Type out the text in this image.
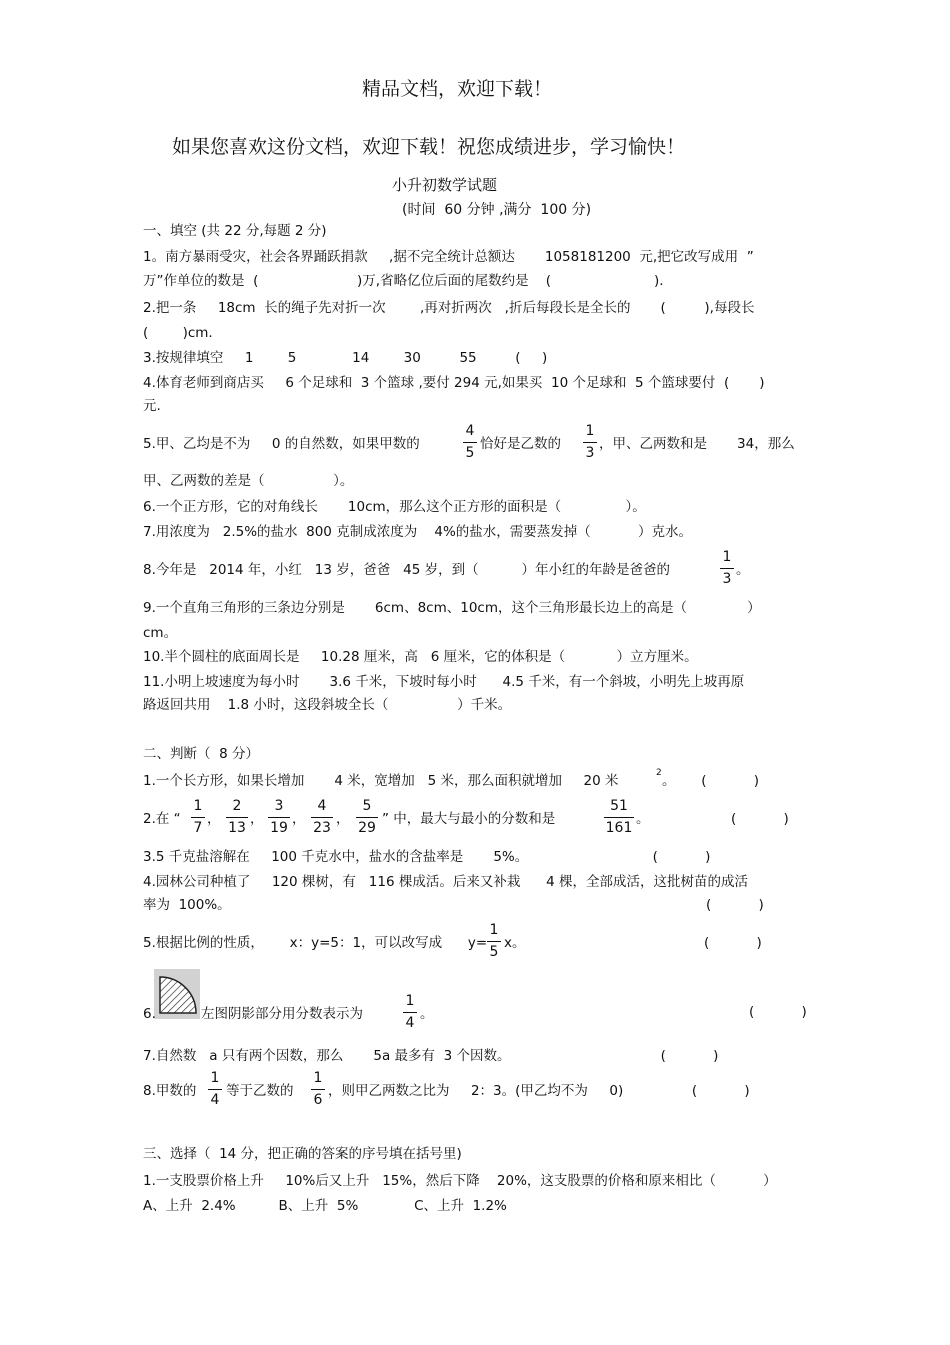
精品文档，欢迎下载！
如果您喜欢这份文档，欢迎下载！祝您成绩进步，学习愉快！
小升初数学试题
(时间  60 分钟 ,满分  100 分)
一、填空 (共 22 分,每题 2 分)
1。南方暴雨受灾，社会各界踊跃捐款     ,据不完全统计总额达       1058181200  元,把它改写成用  ”
万”作单位的数是  (                       )万,省略亿位后面的尾数约是    (                        ).
2.把一条     18cm  长的绳子先对折一次        ,再对折两次   ,折后每段长是全长的       (         ),每段长
(        )cm.
3.按规律填空     1        5             14        30         55         (     )
4.体育老师到商店买     6 个足球和  3 个篮球 ,要付 294 元,如果买  10 个足球和  5 个篮球要付  (       )
元.
5.甲、乙均是不为     0 的自然数，如果甲数的
4
5
恰好是乙数的
1
3
，甲、乙两数和是       34，那么
甲、乙两数的差是（                ）。
6.一个正方形，它的对角线长       10cm，那么这个正方形的面积是（               ）。
7.用浓度为   2.5%的盐水  800 克制成浓度为    4%的盐水，需要蒸发掉（           ）克水。
8.今年是   2014 年，小红   13 岁，爸爸   45 岁，到（          ）年小红的年龄是爸爸的
1
3
。
9.一个直角三角形的三条边分别是       6cm、8cm、10cm，这个三角形最长边上的高是（              ）
cm。
10.半个圆柱的底面周长是     10.28 厘米，高   6 厘米，它的体积是（            ）立方厘米。
11.小明上坡速度为每小时       3.6 千米，下坡时每小时      4.5 千米，有一个斜坡，小明先上坡再原
路返回共用    1.8 小时，这段斜坡全长（                ）千米。
二、判断（  8 分）
1.一个长方形，如果长增加       4 米，宽增加   5 米，那么面积就增加     20 米	2 。      (           )
2.在 “
1
7
，
2
13
，
3
19
，
4
23
，
5
29
” 中，最大与最小的分数和是
51
161
。                   (           )
3.5 千克盐溶解在     100 千克水中，盐水的含盐率是       5%。                             (           )
4.园林公司种植了     120 棵树，有   116 棵成活。后来又补栽      4 棵，全部成活，这批树苗的成活
率为  100%。	(           )
5.根据比例的性质，      x：y=5：1，可以改写成      y=
1
5
x。	(           )
6.	左图阴影部分用分数表示为
1
4
。	(           )
7.自然数   a 只有两个因数，那么       5a 最多有  3 个因数。                                   (           )
8.甲数的
1
4
等于乙数的
1
6
，则甲乙两数之比为     2：3。(甲乙均不为     0)                (           )
三、选择（  14 分，把正确的答案的序号填在括号里)
1.一支股票价格上升     10%后又上升   15%，然后下降    20%，这支股票的价格和原来相比（           ）
A、上升  2.4%          B、上升  5%             C、上升  1.2%
